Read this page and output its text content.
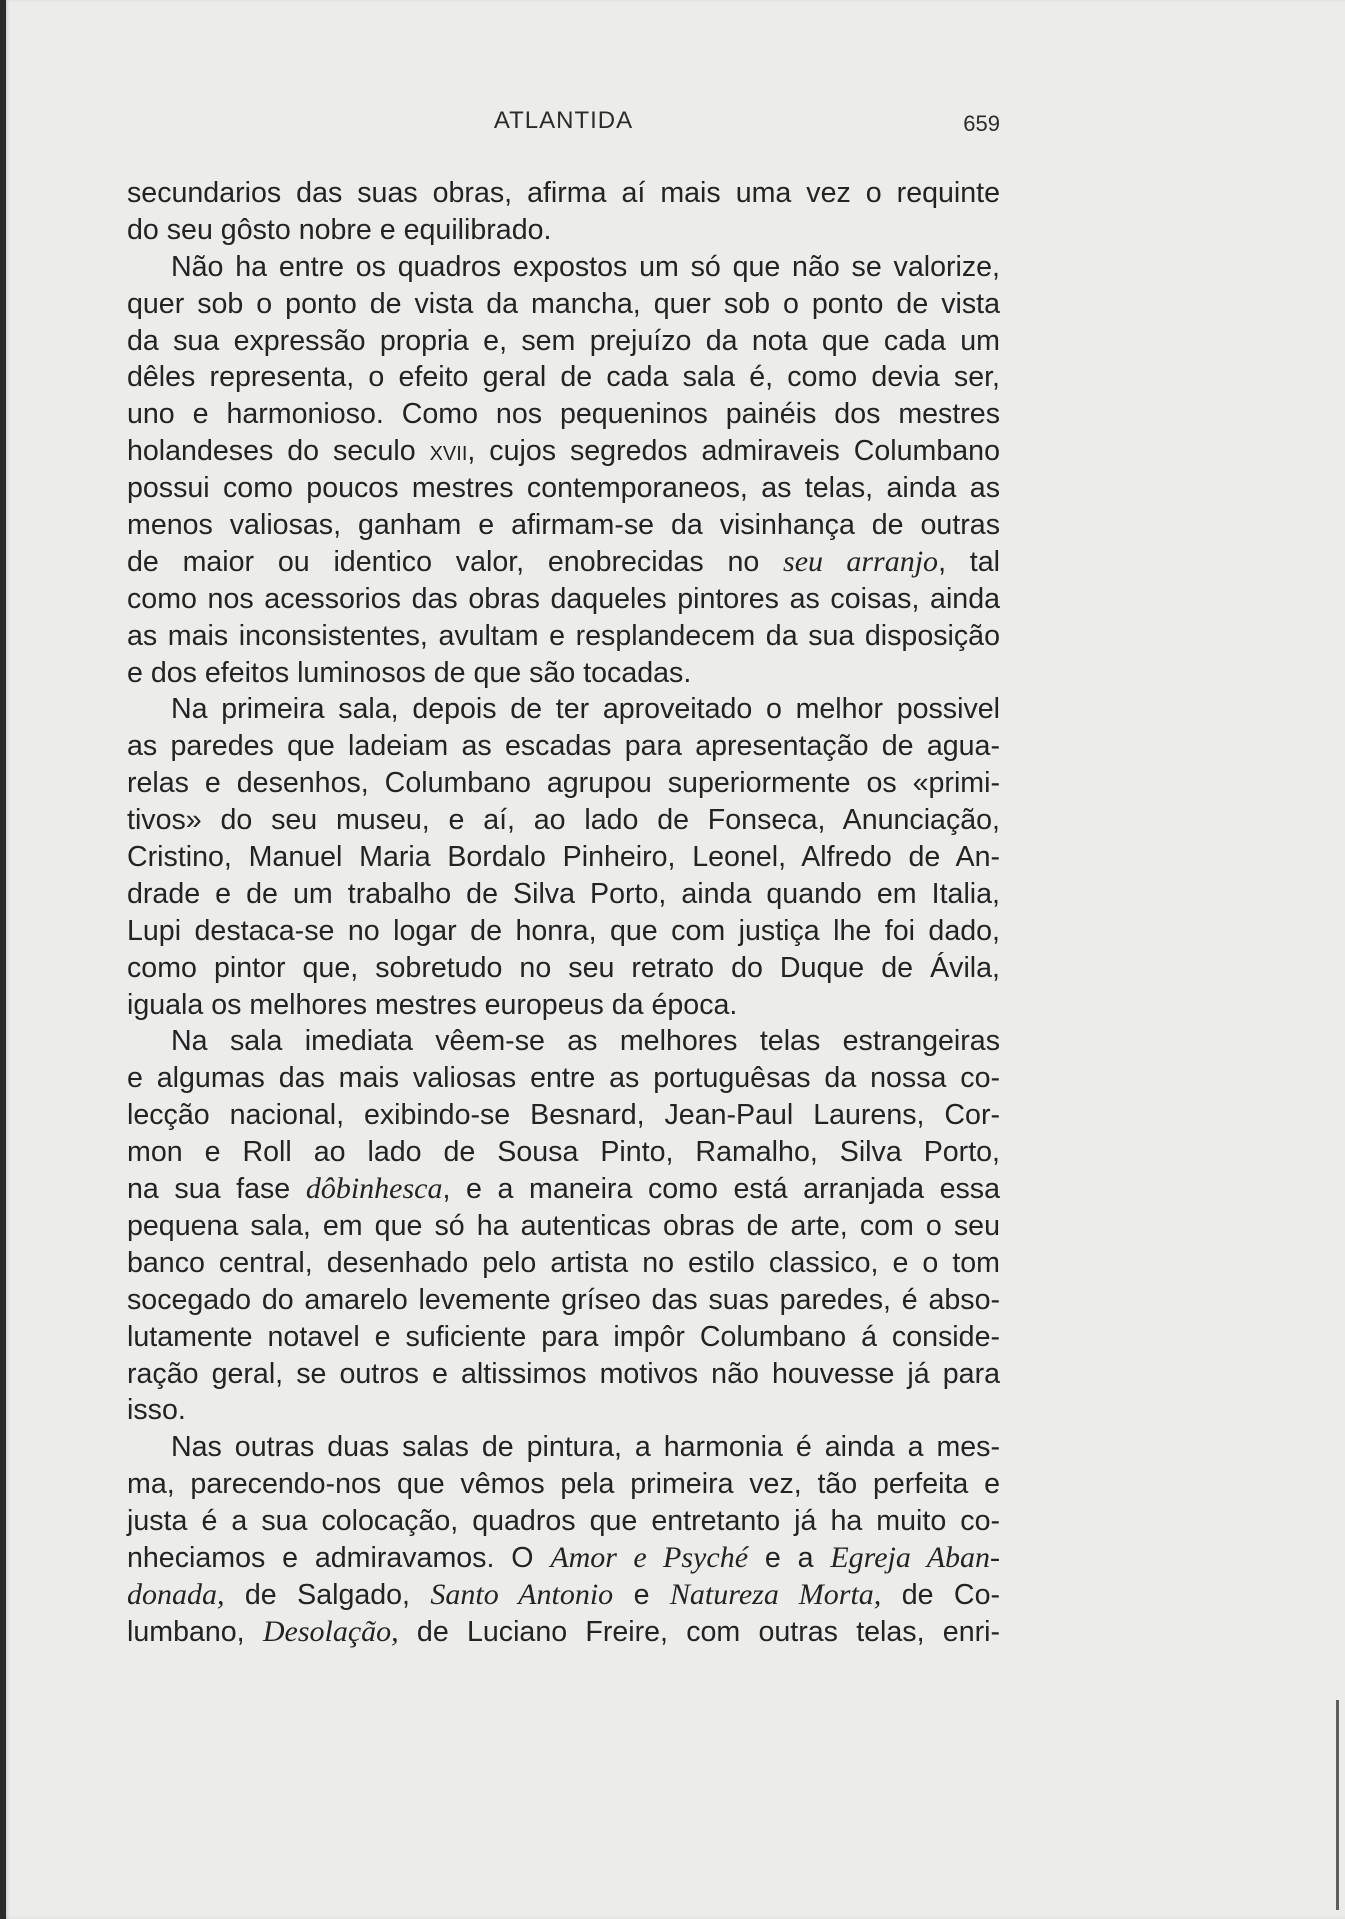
ATLANTIDA	659
secundarios das suas obras, afirma aí mais uma vez o requinte
do seu gôsto nobre e equilibrado.
Não ha entre os quadros expostos um só que não se valorize,
quer sob o ponto de vista da mancha, quer sob o ponto de vista
da sua expressão propria e, sem prejuízo da nota que cada um
dêles representa, o efeito geral de cada sala é, como devia ser,
uno e harmonioso. Como nos pequeninos painéis dos mestres
holandeses do seculo xvii, cujos segredos admiraveis Columbano
possui como poucos mestres contemporaneos, as telas, ainda as
menos valiosas, ganham e afirmam-se da visinhança de outras
de maior ou identico valor, enobrecidas no seu arranjo, tal
como nos acessorios das obras daqueles pintores as coisas, ainda
as mais inconsistentes, avultam e resplandecem da sua disposição
e dos efeitos luminosos de que são tocadas.
Na primeira sala, depois de ter aproveitado o melhor possivel
as paredes que ladeiam as escadas para apresentação de agua-
relas e desenhos, Columbano agrupou superiormente os «primi-
tivos» do seu museu, e aí, ao lado de Fonseca, Anunciação,
Cristino, Manuel Maria Bordalo Pinheiro, Leonel, Alfredo de An-
drade e de um trabalho de Silva Porto, ainda quando em Italia,
Lupi destaca-se no logar de honra, que com justiça lhe foi dado,
como pintor que, sobretudo no seu retrato do Duque de Ávila,
iguala os melhores mestres europeus da época.
Na sala imediata vêem-se as melhores telas estrangeiras
e algumas das mais valiosas entre as portuguêsas da nossa co-
lecção nacional, exibindo-se Besnard, Jean-Paul Laurens, Cor-
mon e Roll ao lado de Sousa Pinto, Ramalho, Silva Porto,
na sua fase dôbinhesca, e a maneira como está arranjada essa
pequena sala, em que só ha autenticas obras de arte, com o seu
banco central, desenhado pelo artista no estilo classico, e o tom
socegado do amarelo levemente gríseo das suas paredes, é abso-
lutamente notavel e suficiente para impôr Columbano á conside-
ração geral, se outros e altissimos motivos não houvesse já para
isso.
Nas outras duas salas de pintura, a harmonia é ainda a mes-
ma, parecendo-nos que vêmos pela primeira vez, tão perfeita e
justa é a sua colocação, quadros que entretanto já ha muito co-
nheciamos e admiravamos. O Amor e Psyché e a Egreja Aban-
donada, de Salgado, Santo Antonio e Natureza Morta, de Co-
lumbano, Desolação, de Luciano Freire, com outras telas, enri-
